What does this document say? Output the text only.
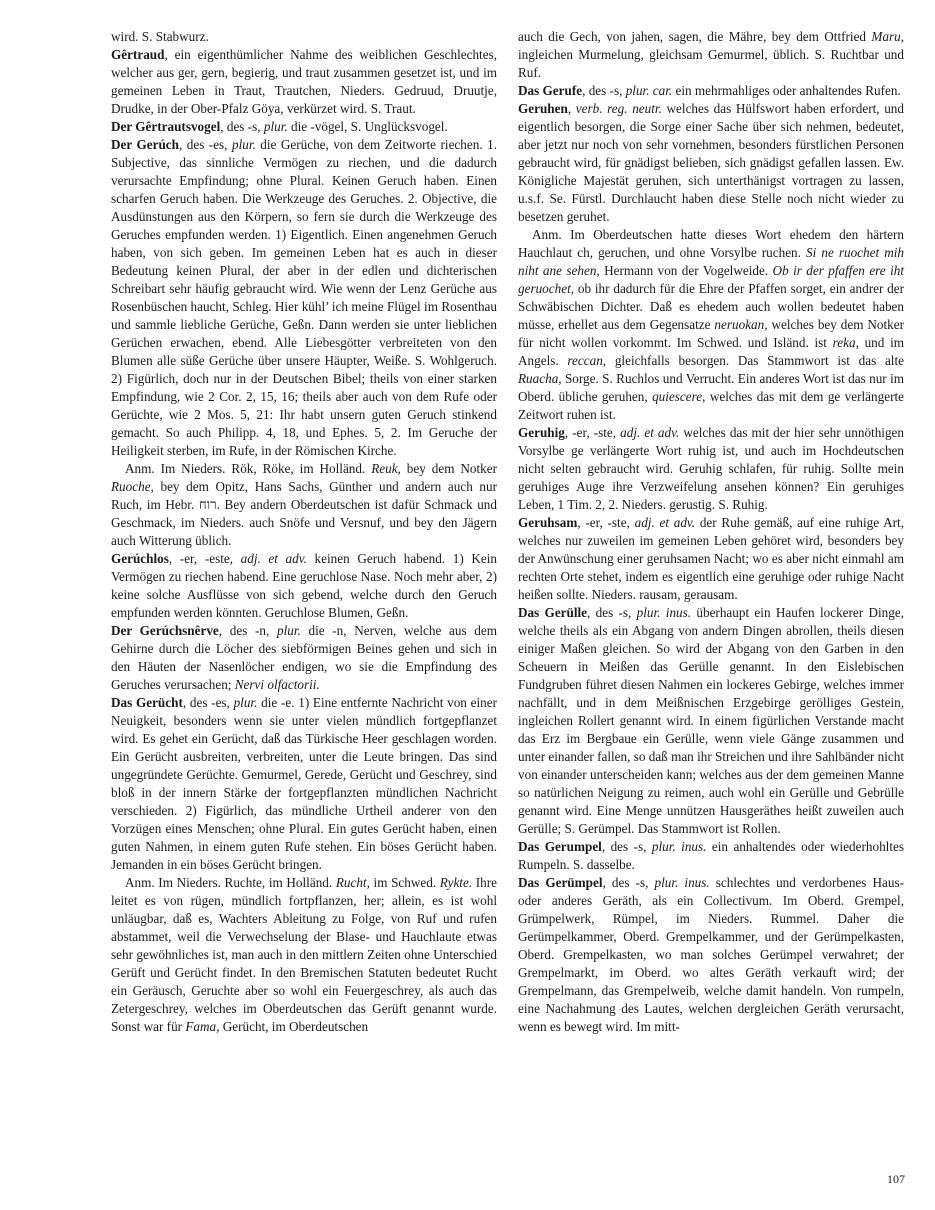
wird. S. Stabwurz.

Gêrtraud, ein eigenthümlicher Nahme des weiblichen Geschlechtes, welcher aus ger, gern, begierig, und traut zusammen gesetzet ist, und im gemeinen Leben in Traut, Trautchen, Nieders. Gedruud, Druutje, Drudke, in der Ober-Pfalz Göya, verkürzet wird. S. Traut.

Der Gêrtrautsvogel, des -s, plur. die -vögel, S. Unglücksvogel.

Der Gerúch, des -es, plur. die Gerüche, von dem Zeitworte riechen. 1. Subjective, das sinnliche Vermögen zu riechen, und die dadurch verursachte Empfindung; ohne Plural. Keinen Geruch haben. Einen scharfen Geruch haben. Die Werkzeuge des Geruches. 2. Objective, die Ausdünstungen aus den Körpern, so fern sie durch die Werkzeuge des Geruches empfunden werden. 1) Eigentlich. Einen angenehmen Geruch haben, von sich geben. Im gemeinen Leben hat es auch in dieser Bedeutung keinen Plural, der aber in der edlen und dichterischen Schreibart sehr häufig gebraucht wird. Wie wenn der Lenz Gerüche aus Rosenbüschen haucht, Schleg. Hier kühl’ ich meine Flügel im Rosenthau und sammle liebliche Gerüche, Geßn. Dann werden sie unter lieblichen Gerüchen erwachen, ebend. Alle Liebesgötter verbreiteten von den Blumen alle süße Gerüche über unsere Häupter, Weiße. S. Wohlgeruch. 2) Figürlich, doch nur in der Deutschen Bibel; theils von einer starken Empfindung, wie 2 Cor. 2, 15, 16; theils aber auch von dem Rufe oder Gerüchte, wie 2 Mos. 5, 21: Ihr habt unsern guten Geruch stinkend gemacht. So auch Philipp. 4, 18, und Ephes. 5, 2. Im Geruche der Heiligkeit sterben, im Rufe, in der Römischen Kirche.

Anm. Im Nieders. Rök, Röke, im Holländ. Reuk, bey dem Notker Ruoche, bey dem Opitz, Hans Sachs, Günther und andern auch nur Ruch, im Hebr. רוח. Bey andern Oberdeutschen ist dafür Schmack und Geschmack, im Nieders. auch Snöfe und Versnuf, und bey den Jägern auch Witterung üblich.

Gerúchlos, -er, -este, adj. et adv. keinen Geruch habend. 1) Kein Vermögen zu riechen habend. Eine geruchlose Nase. Noch mehr aber, 2) keine solche Ausflüsse von sich gebend, welche durch den Geruch empfunden werden könnten. Geruchlose Blumen, Geßn.

Der Gerúchsnêrve, des -n, plur. die -n, Nerven, welche aus dem Gehirne durch die Löcher des siebförmigen Beines gehen und sich in den Häuten der Nasenlöcher endigen, wo sie die Empfindung des Geruches verursachen; Nervi olfactorii.

Das Gerücht, des -es, plur. die -e. 1) Eine entfernte Nachricht von einer Neuigkeit, besonders wenn sie unter vielen mündlich fortgepflanzet wird. Es gehet ein Gerücht, daß das Türkische Heer geschlagen worden. Ein Gerücht ausbreiten, verbreiten, unter die Leute bringen. Das sind ungegründete Gerüchte. Gemurmel, Gerede, Gerücht und Geschrey, sind bloß in der innern Stärke der fortgepflanzten mündlichen Nachricht verschieden. 2) Figürlich, das mündliche Urtheil anderer von den Vorzügen eines Menschen; ohne Plural. Ein gutes Gerücht haben, einen guten Nahmen, in einem guten Rufe stehen. Ein böses Gerücht haben. Jemanden in ein böses Gerücht bringen.

Anm. Im Nieders. Ruchte, im Holländ. Rucht, im Schwed. Rykte. Ihre leitet es von rügen, mündlich fortpflanzen, her; allein, es ist wohl unläugbar, daß es, Wachters Ableitung zu Folge, von Ruf und rufen abstammet, weil die Verwechselung der Blase- und Hauchlaute etwas sehr gewöhnliches ist, man auch in den mittlern Zeiten ohne Unterschied Gerüft und Gerücht findet. In den Bremischen Statuten bedeutet Rucht ein Geräusch, Geruchte aber so wohl ein Feuergeschrey, als auch das Zetergeschrey, welches im Oberdeutschen das Gerüft genannt wurde. Sonst war für Fama, Gerücht, im Oberdeutschen

auch die Gech, von jahen, sagen, die Mähre, bey dem Ottfried Maru, ingleichen Murmelung, gleichsam Gemurmel, üblich. S. Ruchtbar und Ruf.

Das Gerufe, des -s, plur. car. ein mehrmahliges oder anhaltendes Rufen.

Geruhen, verb. reg. neutr. welches das Hülfswort haben erfordert, und eigentlich besorgen, die Sorge einer Sache über sich nehmen, bedeutet, aber jetzt nur noch von sehr vornehmen, besonders fürstlichen Personen gebraucht wird, für gnädigst belieben, sich gnädigst gefallen lassen. Ew. Königliche Majestät geruhen, sich unterthänigst vortragen zu lassen, u.s.f. Se. Fürstl. Durchlaucht haben diese Stelle noch nicht wieder zu besetzen geruhet.

Anm. Im Oberdeutschen hatte dieses Wort ehedem den härtern Hauchlaut ch, geruchen, und ohne Vorsylbe ruchen. Si ne ruochet mih niht ane sehen, Hermann von der Vogelweide. Ob ir der pfaffen ere iht geruochet, ob ihr dadurch für die Ehre der Pfaffen sorget, ein andrer der Schwäbischen Dichter. Daß es ehedem auch wollen bedeutet haben müsse, erhellet aus dem Gegensatze neruokan, welches bey dem Notker für nicht wollen vorkommt. Im Schwed. und Isländ. ist reka, und im Angels. reccan, gleichfalls besorgen. Das Stammwort ist das alte Ruacha, Sorge. S. Ruchlos und Verrucht. Ein anderes Wort ist das nur im Oberd. übliche geruhen, quiescere, welches das mit dem ge verlängerte Zeitwort ruhen ist.

Geruhig, -er, -ste, adj. et adv. welches das mit der hier sehr unnöthigen Vorsylbe ge verlängerte Wort ruhig ist, und auch im Hochdeutschen nicht selten gebraucht wird. Geruhig schlafen, für ruhig. Sollte mein geruhiges Auge ihre Verzweifelung ansehen können? Ein geruhiges Leben, 1 Tim. 2, 2. Nieders. gerustig. S. Ruhig.

Geruhsam, -er, -ste, adj. et adv. der Ruhe gemäß, auf eine ruhige Art, welches nur zuweilen im gemeinen Leben gehöret wird, besonders bey der Anwünschung einer geruhsamen Nacht; wo es aber nicht einmahl am rechten Orte stehet, indem es eigentlich eine geruhige oder ruhige Nacht heißen sollte. Nieders. rausam, gerausam.

Das Gerülle, des -s, plur. inus. überhaupt ein Haufen lockerer Dinge, welche theils als ein Abgang von andern Dingen abrollen, theils diesen einiger Maßen gleichen. So wird der Abgang von den Garben in den Scheuern in Meißen das Gerülle genannt. In den Eislebischen Fundgruben führet diesen Nahmen ein lockeres Gebirge, welches immer nachfällt, und in dem Meißnischen Erzgebirge gerölliges Gestein, ingleichen Rollert genannt wird. In einem figürlichen Verstande macht das Erz im Bergbaue ein Gerülle, wenn viele Gänge zusammen und unter einander fallen, so daß man ihr Streichen und ihre Sahlbänder nicht von einander unterscheiden kann; welches aus der dem gemeinen Manne so natürlichen Neigung zu reimen, auch wohl ein Gerülle und Gebrülle genannt wird. Eine Menge unnützen Hausgeräthes heißt zuweilen auch Gerülle; S. Gerümpel. Das Stammwort ist Rollen.

Das Gerumpel, des -s, plur. inus. ein anhaltendes oder wiederhohltes Rumpeln. S. dasselbe.

Das Gerümpel, des -s, plur. inus. schlechtes und verdorbenes Haus- oder anderes Geräth, als ein Collectivum. Im Oberd. Grempel, Grümpelwerk, Rümpel, im Nieders. Rummel. Daher die Gerümpelkammer, Oberd. Grempelkammer, und der Gerümpelkasten, Oberd. Grempelkasten, wo man solches Gerümpel verwahret; der Grempelmarkt, im Oberd. wo altes Geräth verkauft wird; der Grempelmann, das Grempelweib, welche damit handeln. Von rumpeln, eine Nachahmung des Lautes, welchen dergleichen Geräth verursacht, wenn es bewegt wird. Im mitt-

107
